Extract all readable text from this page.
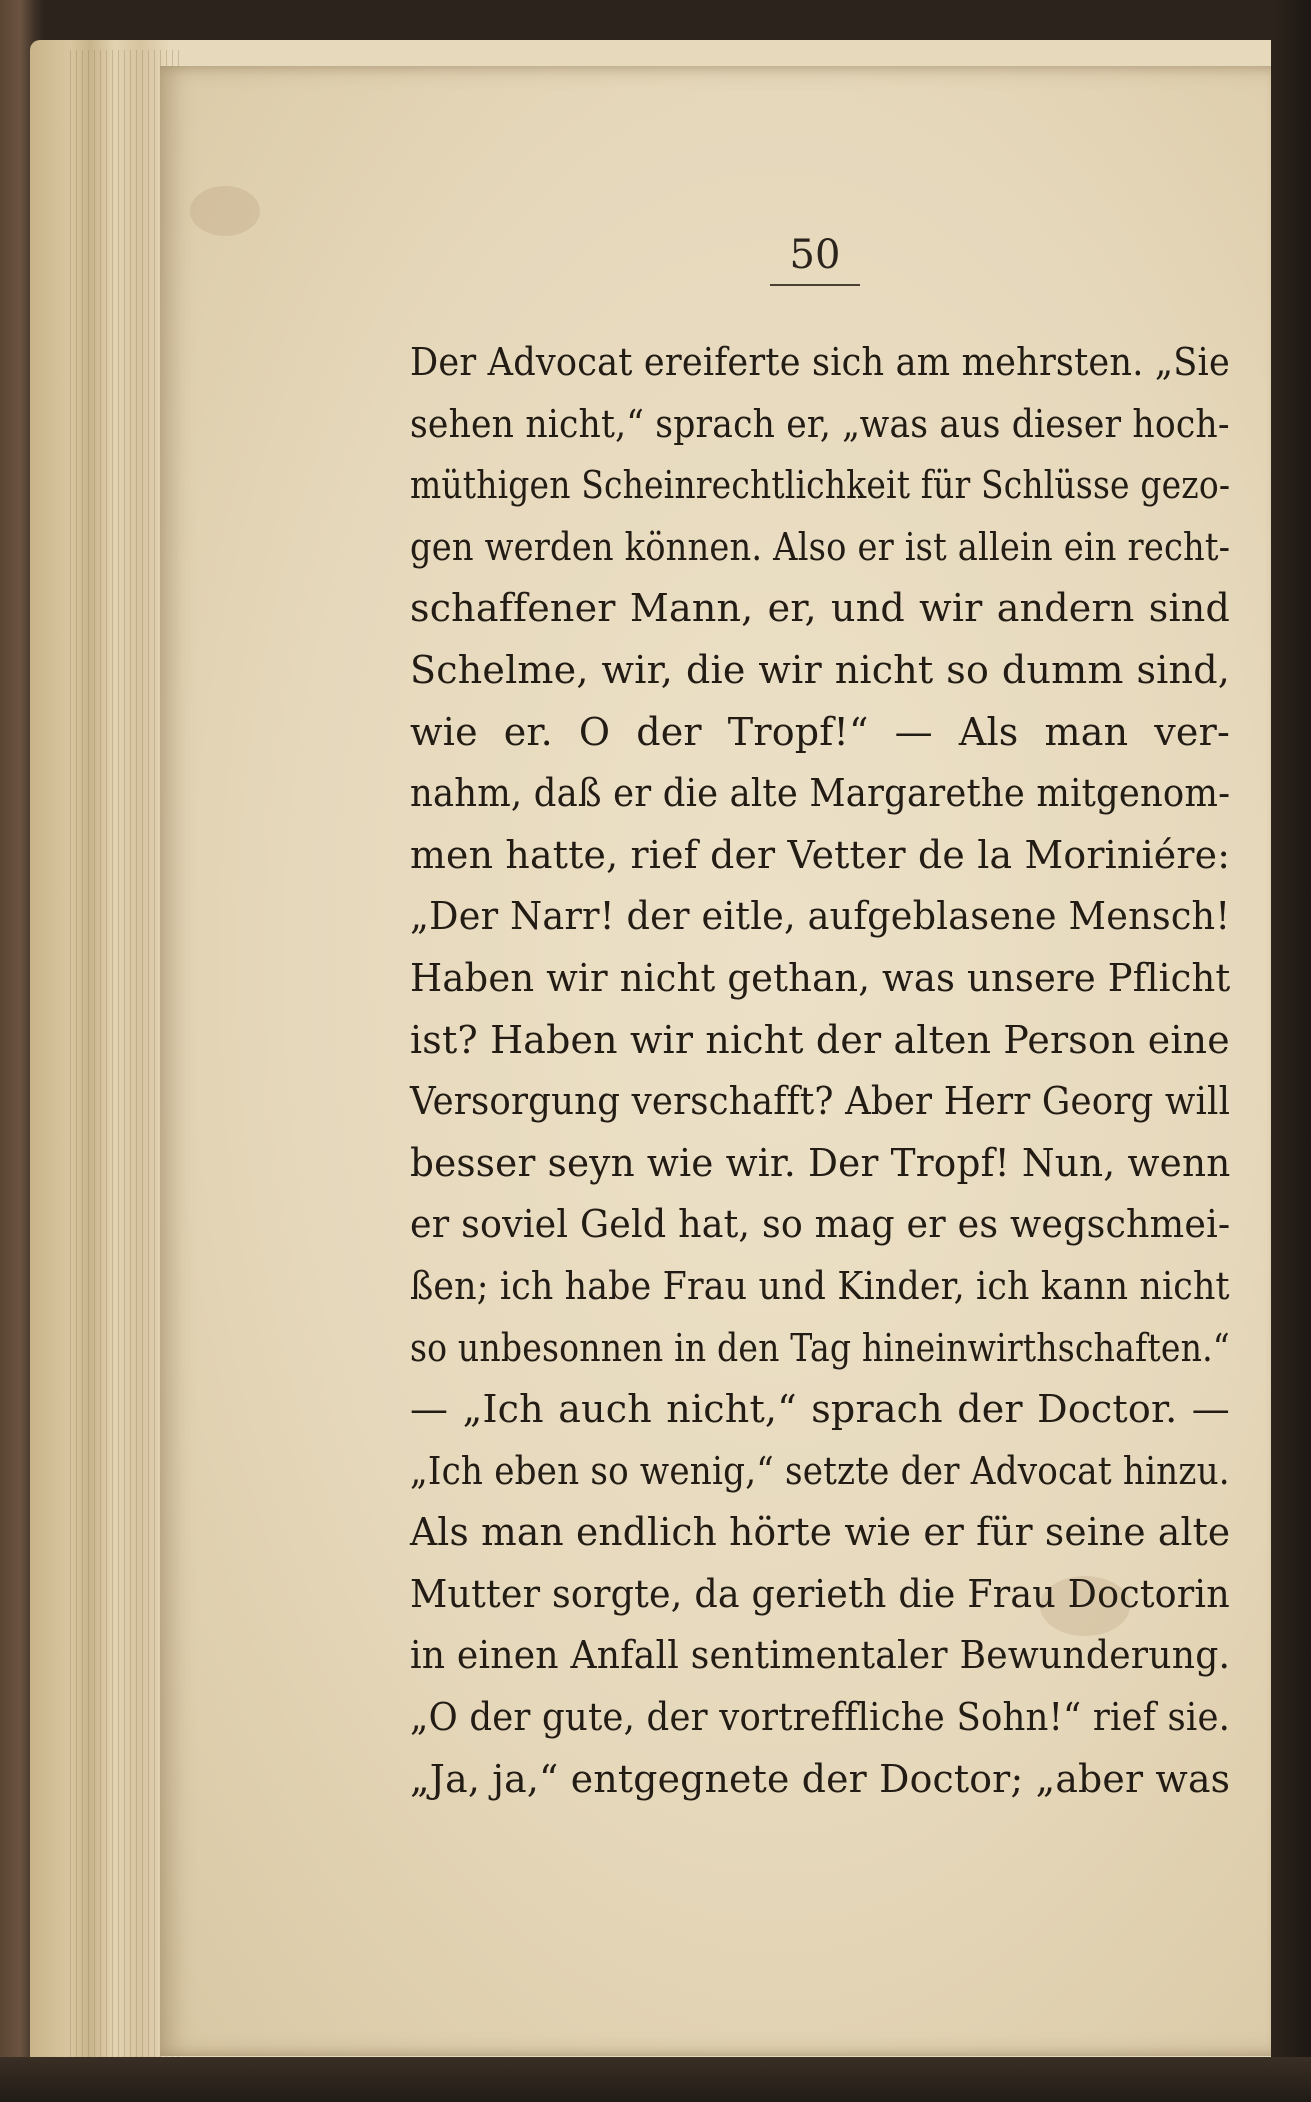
50
Der Advocat ereiferte sich am mehrsten. „Sie
sehen nicht,“ sprach er, „was aus dieser hoch-
müthigen Scheinrechtlichkeit für Schlüsse gezo-
gen werden können. Also er ist allein ein recht-
schaffener Mann, er, und wir andern sind
Schelme, wir, die wir nicht so dumm sind,
wie er. O der Tropf!“ — Als man ver-
nahm, daß er die alte Margarethe mitgenom-
men hatte, rief der Vetter de la Moriniére:
„Der Narr! der eitle, aufgeblasene Mensch!
Haben wir nicht gethan, was unsere Pflicht
ist? Haben wir nicht der alten Person eine
Versorgung verschafft? Aber Herr Georg will
besser seyn wie wir. Der Tropf! Nun, wenn
er soviel Geld hat, so mag er es wegschmei-
ßen; ich habe Frau und Kinder, ich kann nicht
so unbesonnen in den Tag hineinwirthschaften.“
— „Ich auch nicht,“ sprach der Doctor. —
„Ich eben so wenig,“ setzte der Advocat hinzu.
Als man endlich hörte wie er für seine alte
Mutter sorgte, da gerieth die Frau Doctorin
in einen Anfall sentimentaler Bewunderung.
„O der gute, der vortreffliche Sohn!“ rief sie.
„Ja, ja,“ entgegnete der Doctor; „aber was
